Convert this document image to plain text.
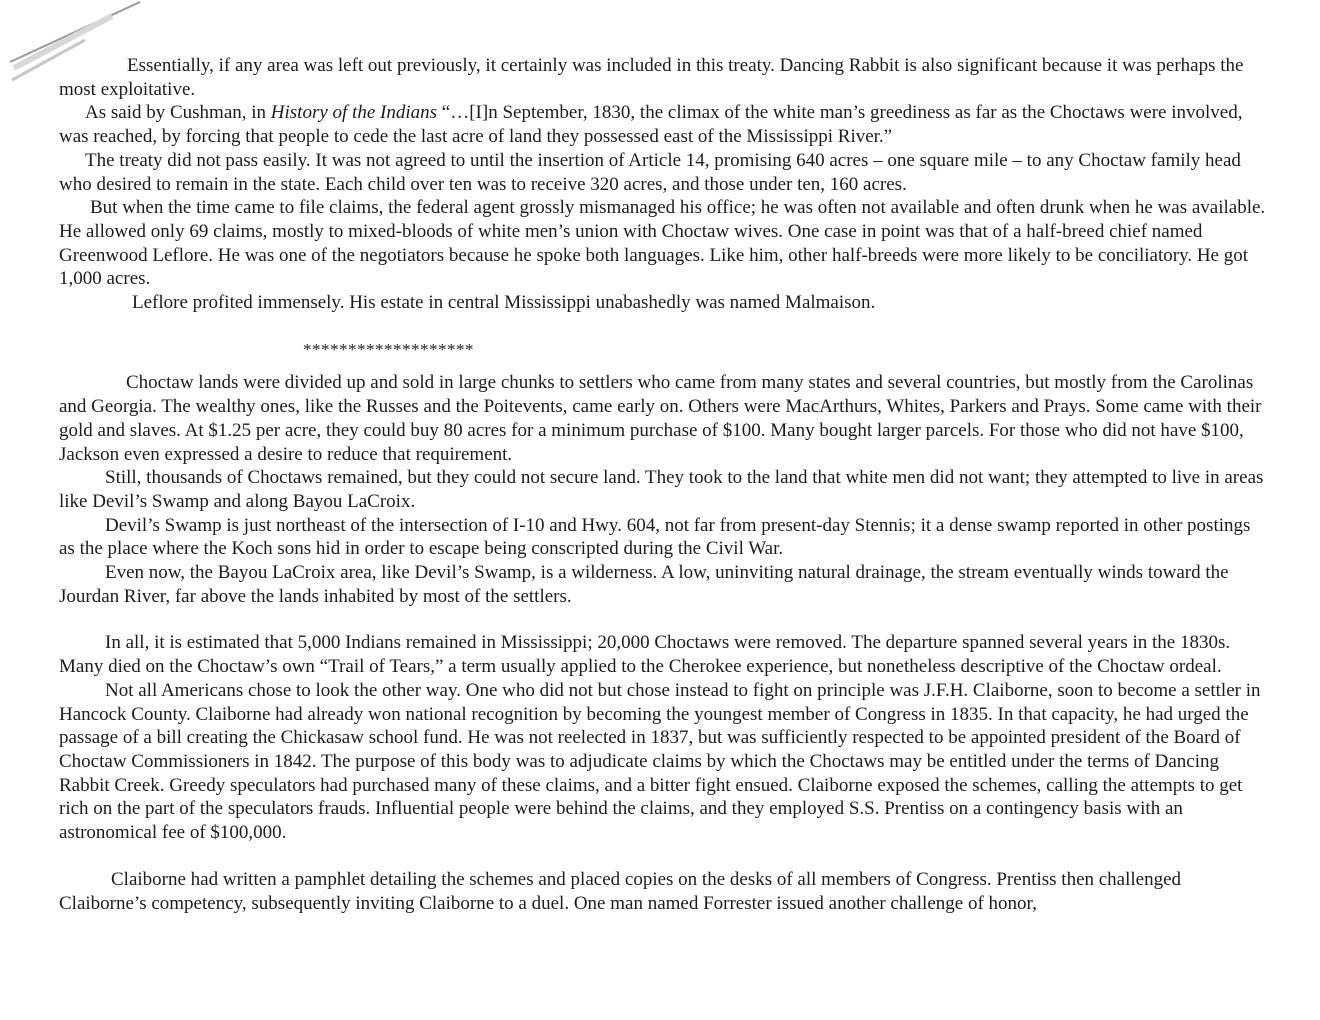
Essentially, if any area was left out previously, it certainly was included in this treaty. Dancing Rabbit is also significant because it was perhaps the most exploitative.

As said by Cushman, in History of the Indians “…[I]n September, 1830, the climax of the white man’s greediness as far as the Choctaws were involved, was reached, by forcing that people to cede the last acre of land they possessed east of the Mississippi River.”

The treaty did not pass easily. It was not agreed to until the insertion of Article 14, promising 640 acres – one square mile – to any Choctaw family head who desired to remain in the state. Each child over ten was to receive 320 acres, and those under ten, 160 acres.

But when the time came to file claims, the federal agent grossly mismanaged his office; he was often not available and often drunk when he was available. He allowed only 69 claims, mostly to mixed-bloods of white men’s union with Choctaw wives. One case in point was that of a half-breed chief named Greenwood Leflore. He was one of the negotiators because he spoke both languages. Like him, other half-breeds were more likely to be conciliatory. He got 1,000 acres.

Leflore profited immensely. His estate in central Mississippi unabashedly was named Malmaison.

*******************

Choctaw lands were divided up and sold in large chunks to settlers who came from many states and several countries, but mostly from the Carolinas and Georgia. The wealthy ones, like the Russes and the Poitevents, came early on. Others were MacArthurs, Whites, Parkers and Prays. Some came with their gold and slaves. At $1.25 per acre, they could buy 80 acres for a minimum purchase of $100. Many bought larger parcels. For those who did not have $100, Jackson even expressed a desire to reduce that requirement.

Still, thousands of Choctaws remained, but they could not secure land. They took to the land that white men did not want; they attempted to live in areas like Devil’s Swamp and along Bayou LaCroix.

Devil’s Swamp is just northeast of the intersection of I-10 and Hwy. 604, not far from present-day Stennis; it a dense swamp reported in other postings as the place where the Koch sons hid in order to escape being conscripted during the Civil War.

Even now, the Bayou LaCroix area, like Devil’s Swamp, is a wilderness. A low, uninviting natural drainage, the stream eventually winds toward the Jourdan River, far above the lands inhabited by most of the settlers.

In all, it is estimated that 5,000 Indians remained in Mississippi; 20,000 Choctaws were removed. The departure spanned several years in the 1830s. Many died on the Choctaw’s own “Trail of Tears,” a term usually applied to the Cherokee experience, but nonetheless descriptive of the Choctaw ordeal.

Not all Americans chose to look the other way. One who did not but chose instead to fight on principle was J.F.H. Claiborne, soon to become a settler in Hancock County. Claiborne had already won national recognition by becoming the youngest member of Congress in 1835. In that capacity, he had urged the passage of a bill creating the Chickasaw school fund. He was not reelected in 1837, but was sufficiently respected to be appointed president of the Board of Choctaw Commissioners in 1842. The purpose of this body was to adjudicate claims by which the Choctaws may be entitled under the terms of Dancing Rabbit Creek. Greedy speculators had purchased many of these claims, and a bitter fight ensued. Claiborne exposed the schemes, calling the attempts to get rich on the part of the speculators frauds. Influential people were behind the claims, and they employed S.S. Prentiss on a contingency basis with an astronomical fee of $100,000.

Claiborne had written a pamphlet detailing the schemes and placed copies on the desks of all members of Congress. Prentiss then challenged Claiborne’s competency, subsequently inviting Claiborne to a duel. One man named Forrester issued another challenge of honor,
